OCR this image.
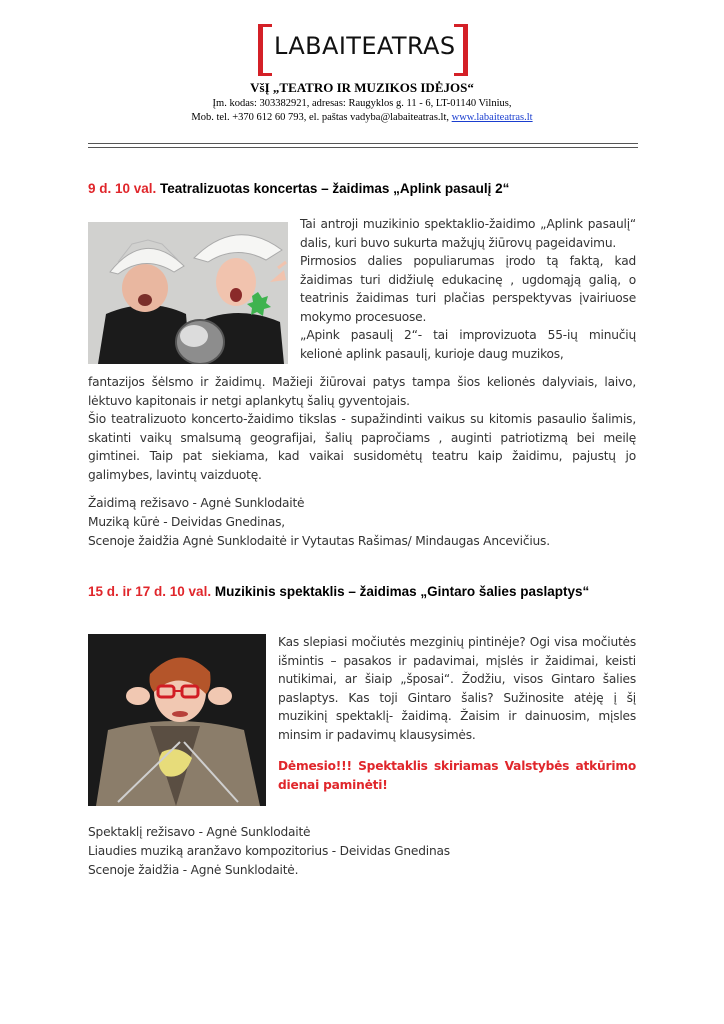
LABAITEATRAS
VšĮ „TEATRO IR MUZIKOS IDĖJOS“
Įm. kodas: 303382921, adresas: Raugyklos g. 11 - 6, LT-01140 Vilnius,
Mob. tel. +370 612 60 793, el. paštas vadyba@labaiteatras.lt, www.labaiteatras.lt
9 d. 10 val. Teatralizuotas koncertas – žaidimas „Aplink pasaulį 2“
Tai antroji muzikinio spektaklio-žaidimo „Aplink pasaulį“ dalis, kuri buvo sukurta mažųjų žiūrovų pageidavimu.
Pirmosios dalies populiarumas įrodo tą faktą, kad žaidimas turi didžiulę edukacinę , ugdomąją galią, o teatrinis žaidimas turi plačias perspektyvas įvairiuose mokymo procesuose.
„Apink pasaulį 2“- tai improvizuota 55-ių minučių kelionė aplink pasaulį, kurioje daug muzikos,
fantazijos šėlsmo ir žaidimų. Mažieji žiūrovai patys tampa šios kelionės dalyviais, laivo, lėktuvo kapitonais ir netgi aplankytų šalių gyventojais.
Šio teatralizuoto koncerto-žaidimo tikslas - supažindinti vaikus su kitomis pasaulio šalimis, skatinti vaikų smalsumą geografijai, šalių papročiams , auginti patriotizmą bei meilę gimtinei. Taip pat siekiama, kad vaikai susidomėtų teatru kaip žaidimu, pajustų jo galimybes, lavintų vaizduotę.
Žaidimą režisavo - Agnė Sunklodaitė
Muziką kūrė - Deividas Gnedinas,
Scenoje žaidžia Agnė Sunklodaitė ir Vytautas Rašimas/ Mindaugas Ancevičius.
15 d. ir 17 d. 10 val. Muzikinis spektaklis – žaidimas „Gintaro šalies paslaptys“
Kas slepiasi močiutės mezginių pintinėje? Ogi visa močiutės išmintis – pasakos ir padavimai, mįslės ir žaidimai, keisti nutikimai, ar šiaip „šposai“. Žodžiu, visos Gintaro šalies paslaptys. Kas toji Gintaro šalis? Sužinosite atėję į šį muzikinį spektaklį- žaidimą. Žaisim ir dainuosim, mįsles minsim ir padavimų klausysimės.
Dėmesio!!! Spektaklis skiriamas Valstybės atkūrimo dienai paminėti!
Spektaklį režisavo - Agnė Sunklodaitė
Liaudies muziką aranžavo kompozitorius - Deividas Gnedinas
Scenoje žaidžia - Agnė Sunklodaitė.
